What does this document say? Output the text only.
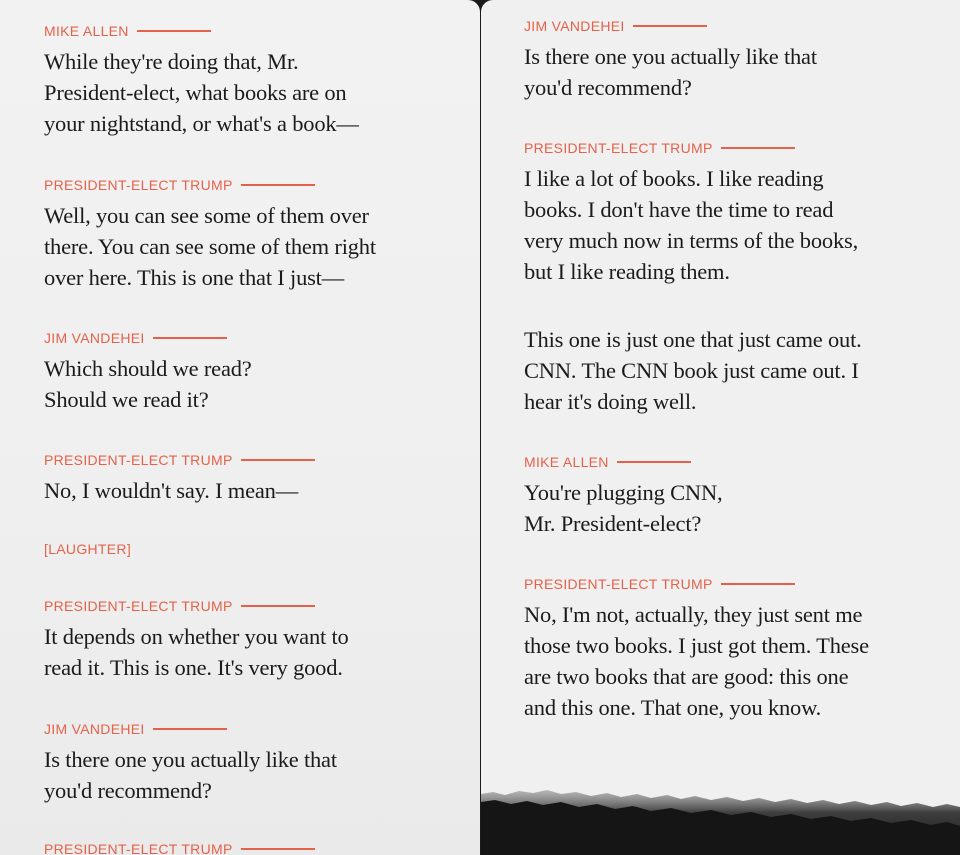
MIKE ALLEN
While they're doing that, Mr.
President-elect, what books are on
your nightstand, or what's a book—
PRESIDENT-ELECT TRUMP
Well, you can see some of them over
there. You can see some of them right
over here. This is one that I just—
JIM VANDEHEI
Which should we read?
Should we read it?
PRESIDENT-ELECT TRUMP
No, I wouldn't say. I mean—
[LAUGHTER]
PRESIDENT-ELECT TRUMP
It depends on whether you want to
read it. This is one. It's very good.
JIM VANDEHEI
Is there one you actually like that
you'd recommend?
PRESIDENT-ELECT TRUMP
JIM VANDEHEI
Is there one you actually like that
you'd recommend?
PRESIDENT-ELECT TRUMP
I like a lot of books. I like reading
books. I don't have the time to read
very much now in terms of the books,
but I like reading them.
This one is just one that just came out.
CNN. The CNN book just came out. I
hear it's doing well.
MIKE ALLEN
You're plugging CNN,
Mr. President-elect?
PRESIDENT-ELECT TRUMP
No, I'm not, actually, they just sent me
those two books. I just got them. These
are two books that are good: this one
and this one. That one, you know.
